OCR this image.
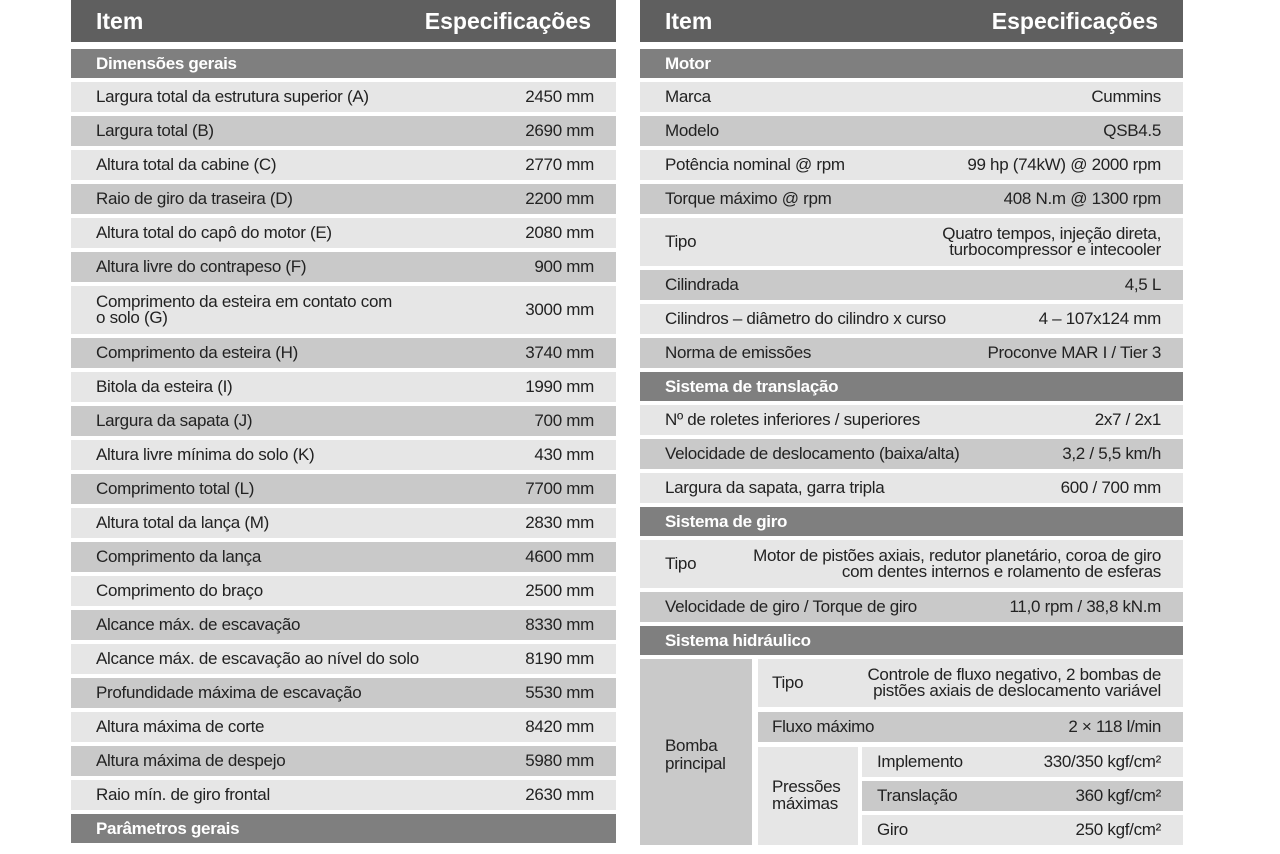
Item	Especificações
Dimensões gerais
Largura total da estrutura superior (A)	2450 mm
Largura total (B)	2690 mm
Altura total da cabine (C)	2770 mm
Raio de giro da traseira (D)	2200 mm
Altura total do capô do motor (E)	2080 mm
Altura livre do contrapeso (F)	900 mm
Comprimento da esteira em contato com o solo (G)	3000 mm
Comprimento da esteira (H)	3740 mm
Bitola da esteira (I)	1990 mm
Largura da sapata (J)	700 mm
Altura livre mínima do solo (K)	430 mm
Comprimento total (L)	7700 mm
Altura total da lança (M)	2830 mm
Comprimento da lança	4600 mm
Comprimento do braço	2500 mm
Alcance máx. de escavação	8330 mm
Alcance máx. de escavação ao nível do solo	8190 mm
Profundidade máxima de escavação	5530 mm
Altura máxima de corte	8420 mm
Altura máxima de despejo	5980 mm
Raio mín. de giro frontal	2630 mm
Parâmetros gerais
Item	Especificações
Motor
Marca	Cummins
Modelo	QSB4.5
Potência nominal @ rpm	99 hp (74kW) @ 2000 rpm
Torque máximo @ rpm	408 N.m @ 1300 rpm
Tipo	Quatro tempos, injeção direta, turbocompressor e intecooler
Cilindrada	4,5 L
Cilindros – diâmetro do cilindro x curso	4 – 107x124 mm
Norma de emissões	Proconve MAR I / Tier 3
Sistema de translação
Nº de roletes inferiores / superiores	2x7 / 2x1
Velocidade de deslocamento (baixa/alta)	3,2 / 5,5 km/h
Largura da sapata, garra tripla	600 / 700 mm
Sistema de giro
Tipo	Motor de pistões axiais, redutor planetário, coroa de giro com dentes internos e rolamento de esferas
Velocidade de giro / Torque de giro	11,0 rpm / 38,8 kN.m
Sistema hidráulico
Bomba principal
Tipo	Controle de fluxo negativo, 2 bombas de pistões axiais de deslocamento variável
Fluxo máximo	2 × 118 l/min
Pressões máximas
Implemento	330/350 kgf/cm²
Translação	360 kgf/cm²
Giro	250 kgf/cm²
